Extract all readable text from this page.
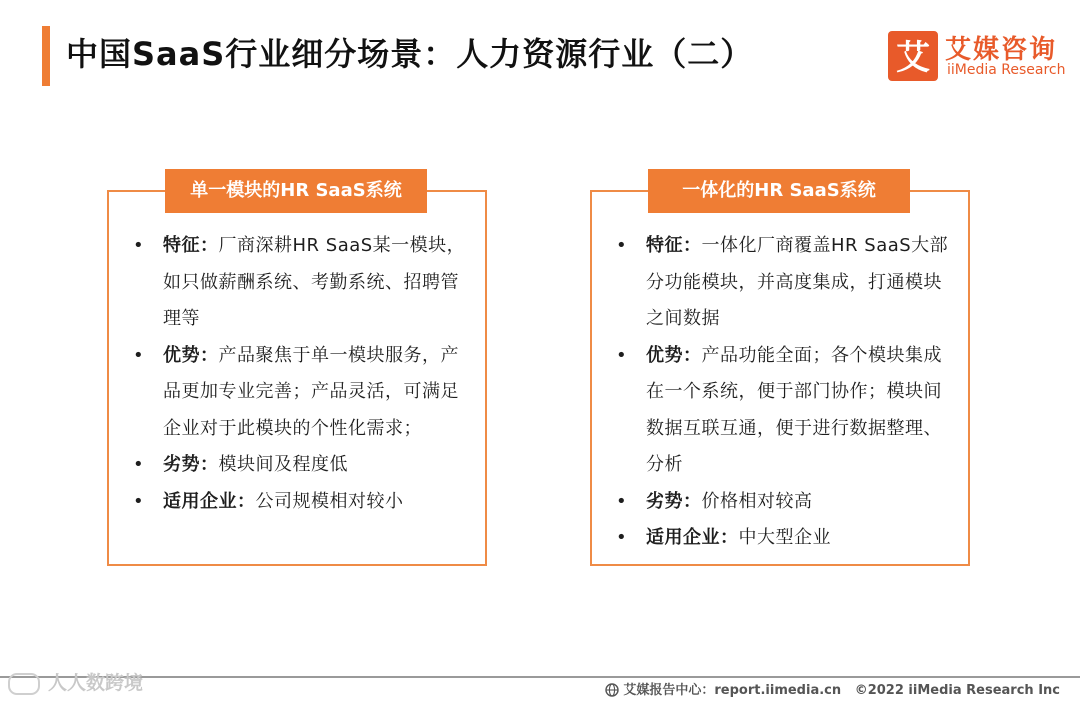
中国SaaS行业细分场景：人力资源行业（二）	艾 艾媒咨询
iiMedia Research
单一模块的HR SaaS系统
• 特征：厂商深耕HR SaaS某一模块，如只做薪酬系统、考勤系统、招聘管理等
• 优势：产品聚焦于单一模块服务，产品更加专业完善；产品灵活，可满足企业对于此模块的个性化需求；
• 劣势：模块间及程度低
• 适用企业：公司规模相对较小
一体化的HR SaaS系统
• 特征：一体化厂商覆盖HR SaaS大部分功能模块，并高度集成，打通模块之间数据
• 优势：产品功能全面；各个模块集成在一个系统，便于部门协作；模块间数据互联互通，便于进行数据整理、分析
• 劣势：价格相对较高
• 适用企业：中大型企业
人人数跨境	艾媒报告中心：report.iimedia.cn ©2022 iiMedia Research Inc
